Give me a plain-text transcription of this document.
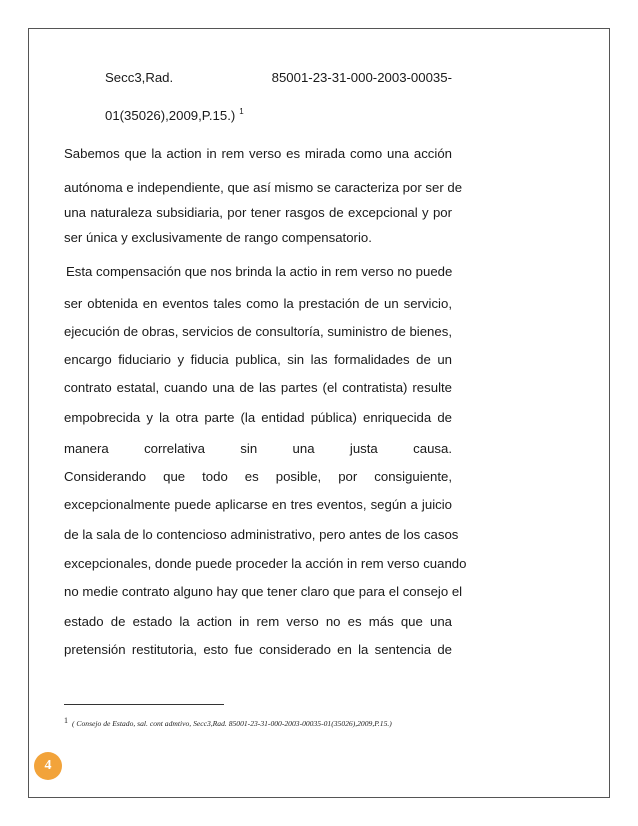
Secc3,Rad.	85001-23-31-000-2003-00035-
01(35026),2009,P.15.) $^1$
Sabemos que la action in rem verso es mirada como una acción
autónoma e independiente, que así mismo se caracteriza por ser de
una naturaleza subsidiaria, por tener rasgos de excepcional y por
ser única y exclusivamente de rango compensatorio.
Esta compensación que nos brinda la actio in rem verso no puede
ser obtenida en eventos tales como la prestación de un servicio,
ejecución de obras, servicios de consultoría, suministro de bienes,
encargo fiduciario y fiducia publica, sin las formalidades de un
contrato estatal, cuando una de las partes (el contratista) resulte
empobrecida y la otra parte (la entidad pública) enriquecida de
manera correlativa sin una justa causa.
Considerando que todo es posible, por consiguiente,
excepcionalmente puede aplicarse en tres eventos, según a juicio
de la sala de lo contencioso administrativo, pero antes de los casos
excepcionales, donde puede proceder la acción in rem verso cuando
no medie contrato alguno hay que tener claro que para el consejo el
estado de estado la action in rem verso no es más que una
pretensión restitutoria, esto fue considerado en la sentencia de
1 ( Consejo de Estado, sal. cont admtivo, Secc3,Rad. 85001-23-31-000-2003-00035-01(35026),2009,P.15.)
4
